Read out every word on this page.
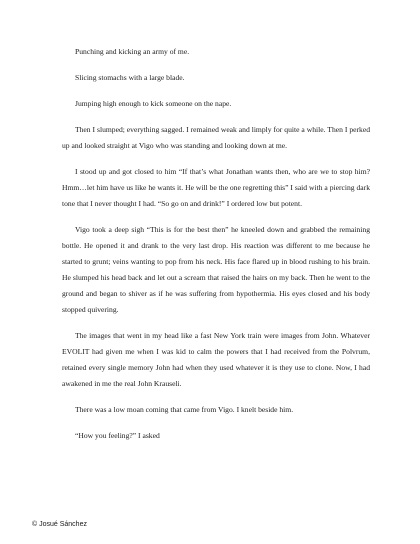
Punching and kicking an army of me.

Slicing stomachs with a large blade.

Jumping high enough to kick someone on the nape.

Then I slumped; everything sagged. I remained weak and limply for quite a while. Then I perked up and looked straight at Vigo who was standing and looking down at me.

I stood up and got closed to him “If that’s what Jonathan wants then, who are we to stop him? Hmm…let him have us like he wants it. He will be the one regretting this” I said with a piercing dark tone that I never thought I had. “So go on and drink!” I ordered low but potent.

Vigo took a deep sigh “This is for the best then” he kneeled down and grabbed the remaining bottle. He opened it and drank to the very last drop. His reaction was different to me because he started to grunt; veins wanting to pop from his neck. His face flared up in blood rushing to his brain. He slumped his head back and let out a scream that raised the hairs on my back. Then he went to the ground and began to shiver as if he was suffering from hypothermia. His eyes closed and his body stopped quivering.

The images that went in my head like a fast New York train were images from John. Whatever EVOLIT had given me when I was kid to calm the powers that I had received from the Polvrum, retained every single memory John had when they used whatever it is they use to clone. Now, I had awakened in me the real John Krauseli.

There was a low moan coming that came from Vigo. I knelt beside him.

“How you feeling?” I asked

© Josué Sánchez
